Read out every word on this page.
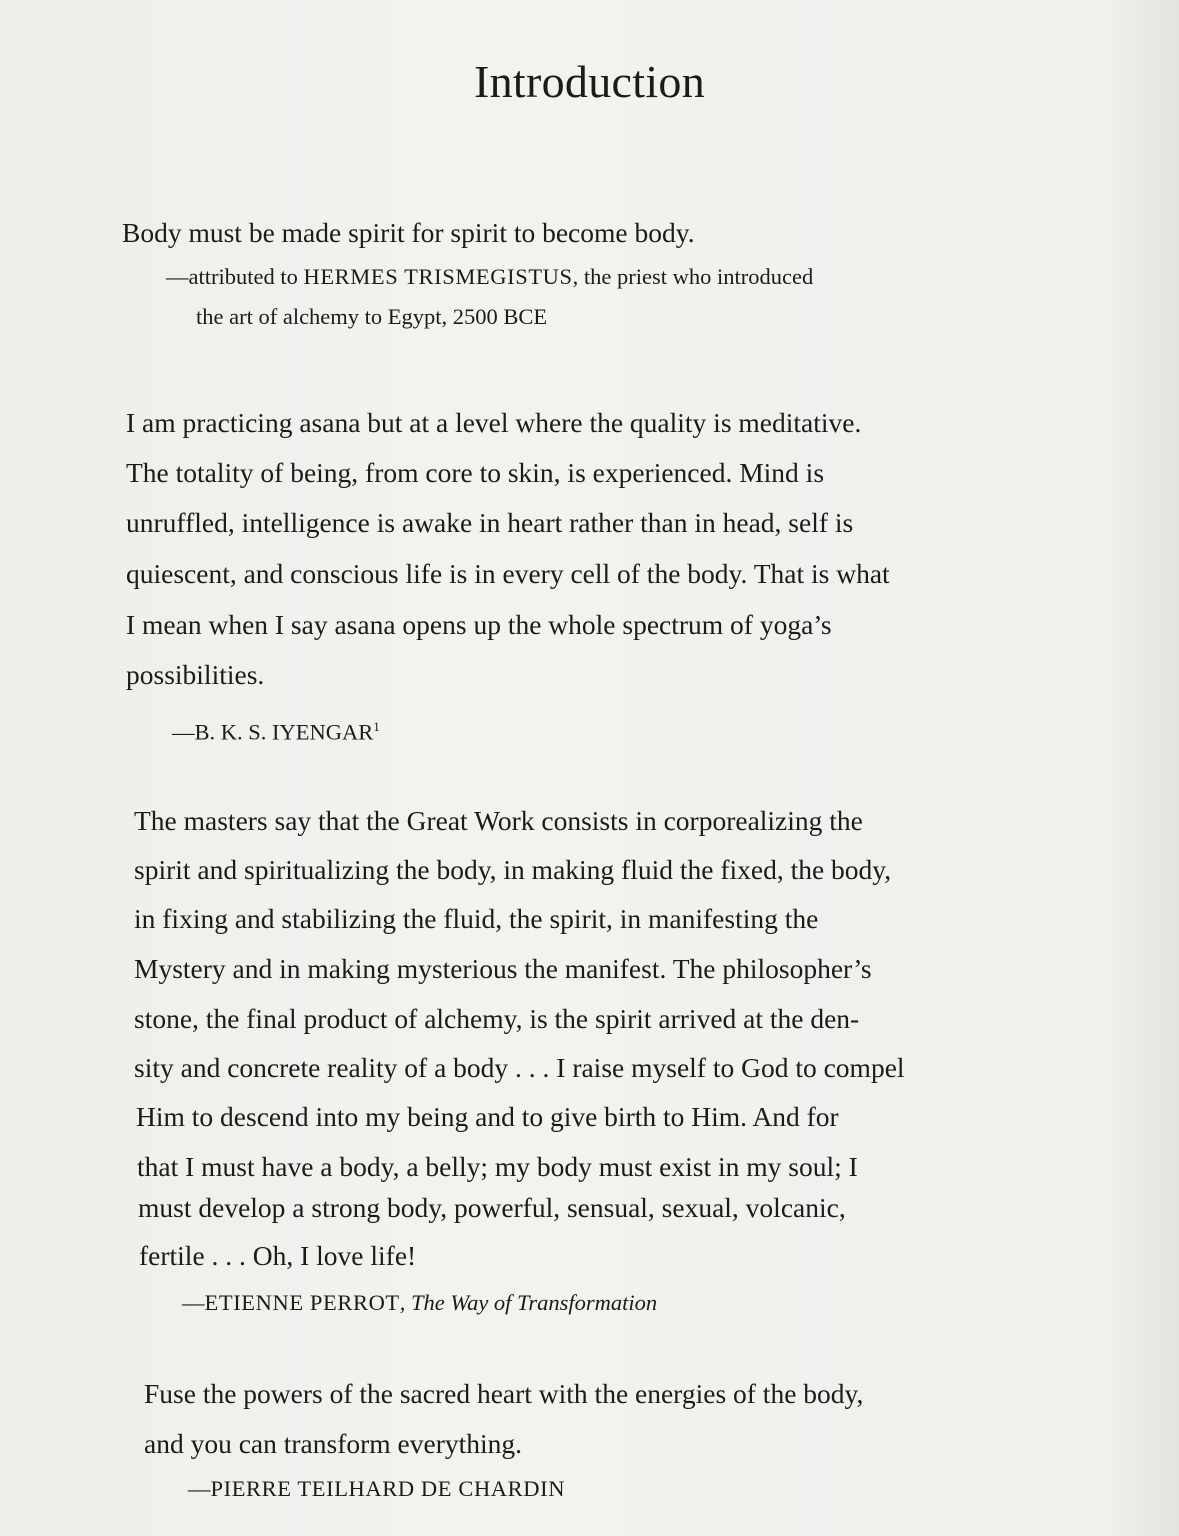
Introduction
Body must be made spirit for spirit to become body.
—attributed to HERMES TRISMEGISTUS, the priest who introduced
the art of alchemy to Egypt, 2500 BCE
I am practicing asana but at a level where the quality is meditative.
The totality of being, from core to skin, is experienced. Mind is
unruffled, intelligence is awake in heart rather than in head, self is
quiescent, and conscious life is in every cell of the body. That is what
I mean when I say asana opens up the whole spectrum of yoga’s
possibilities.
—B. K. S. IYENGAR$^1$
The masters say that the Great Work consists in corporealizing the
spirit and spiritualizing the body, in making fluid the fixed, the body,
in fixing and stabilizing the fluid, the spirit, in manifesting the
Mystery and in making mysterious the manifest. The philosopher’s
stone, the final product of alchemy, is the spirit arrived at the den-
sity and concrete reality of a body . . . I raise myself to God to compel
Him to descend into my being and to give birth to Him. And for
that I must have a body, a belly; my body must exist in my soul; I
must develop a strong body, powerful, sensual, sexual, volcanic,
fertile . . . Oh, I love life!
—ETIENNE PERROT, The Way of Transformation
Fuse the powers of the sacred heart with the energies of the body,
and you can transform everything.
—PIERRE TEILHARD DE CHARDIN
